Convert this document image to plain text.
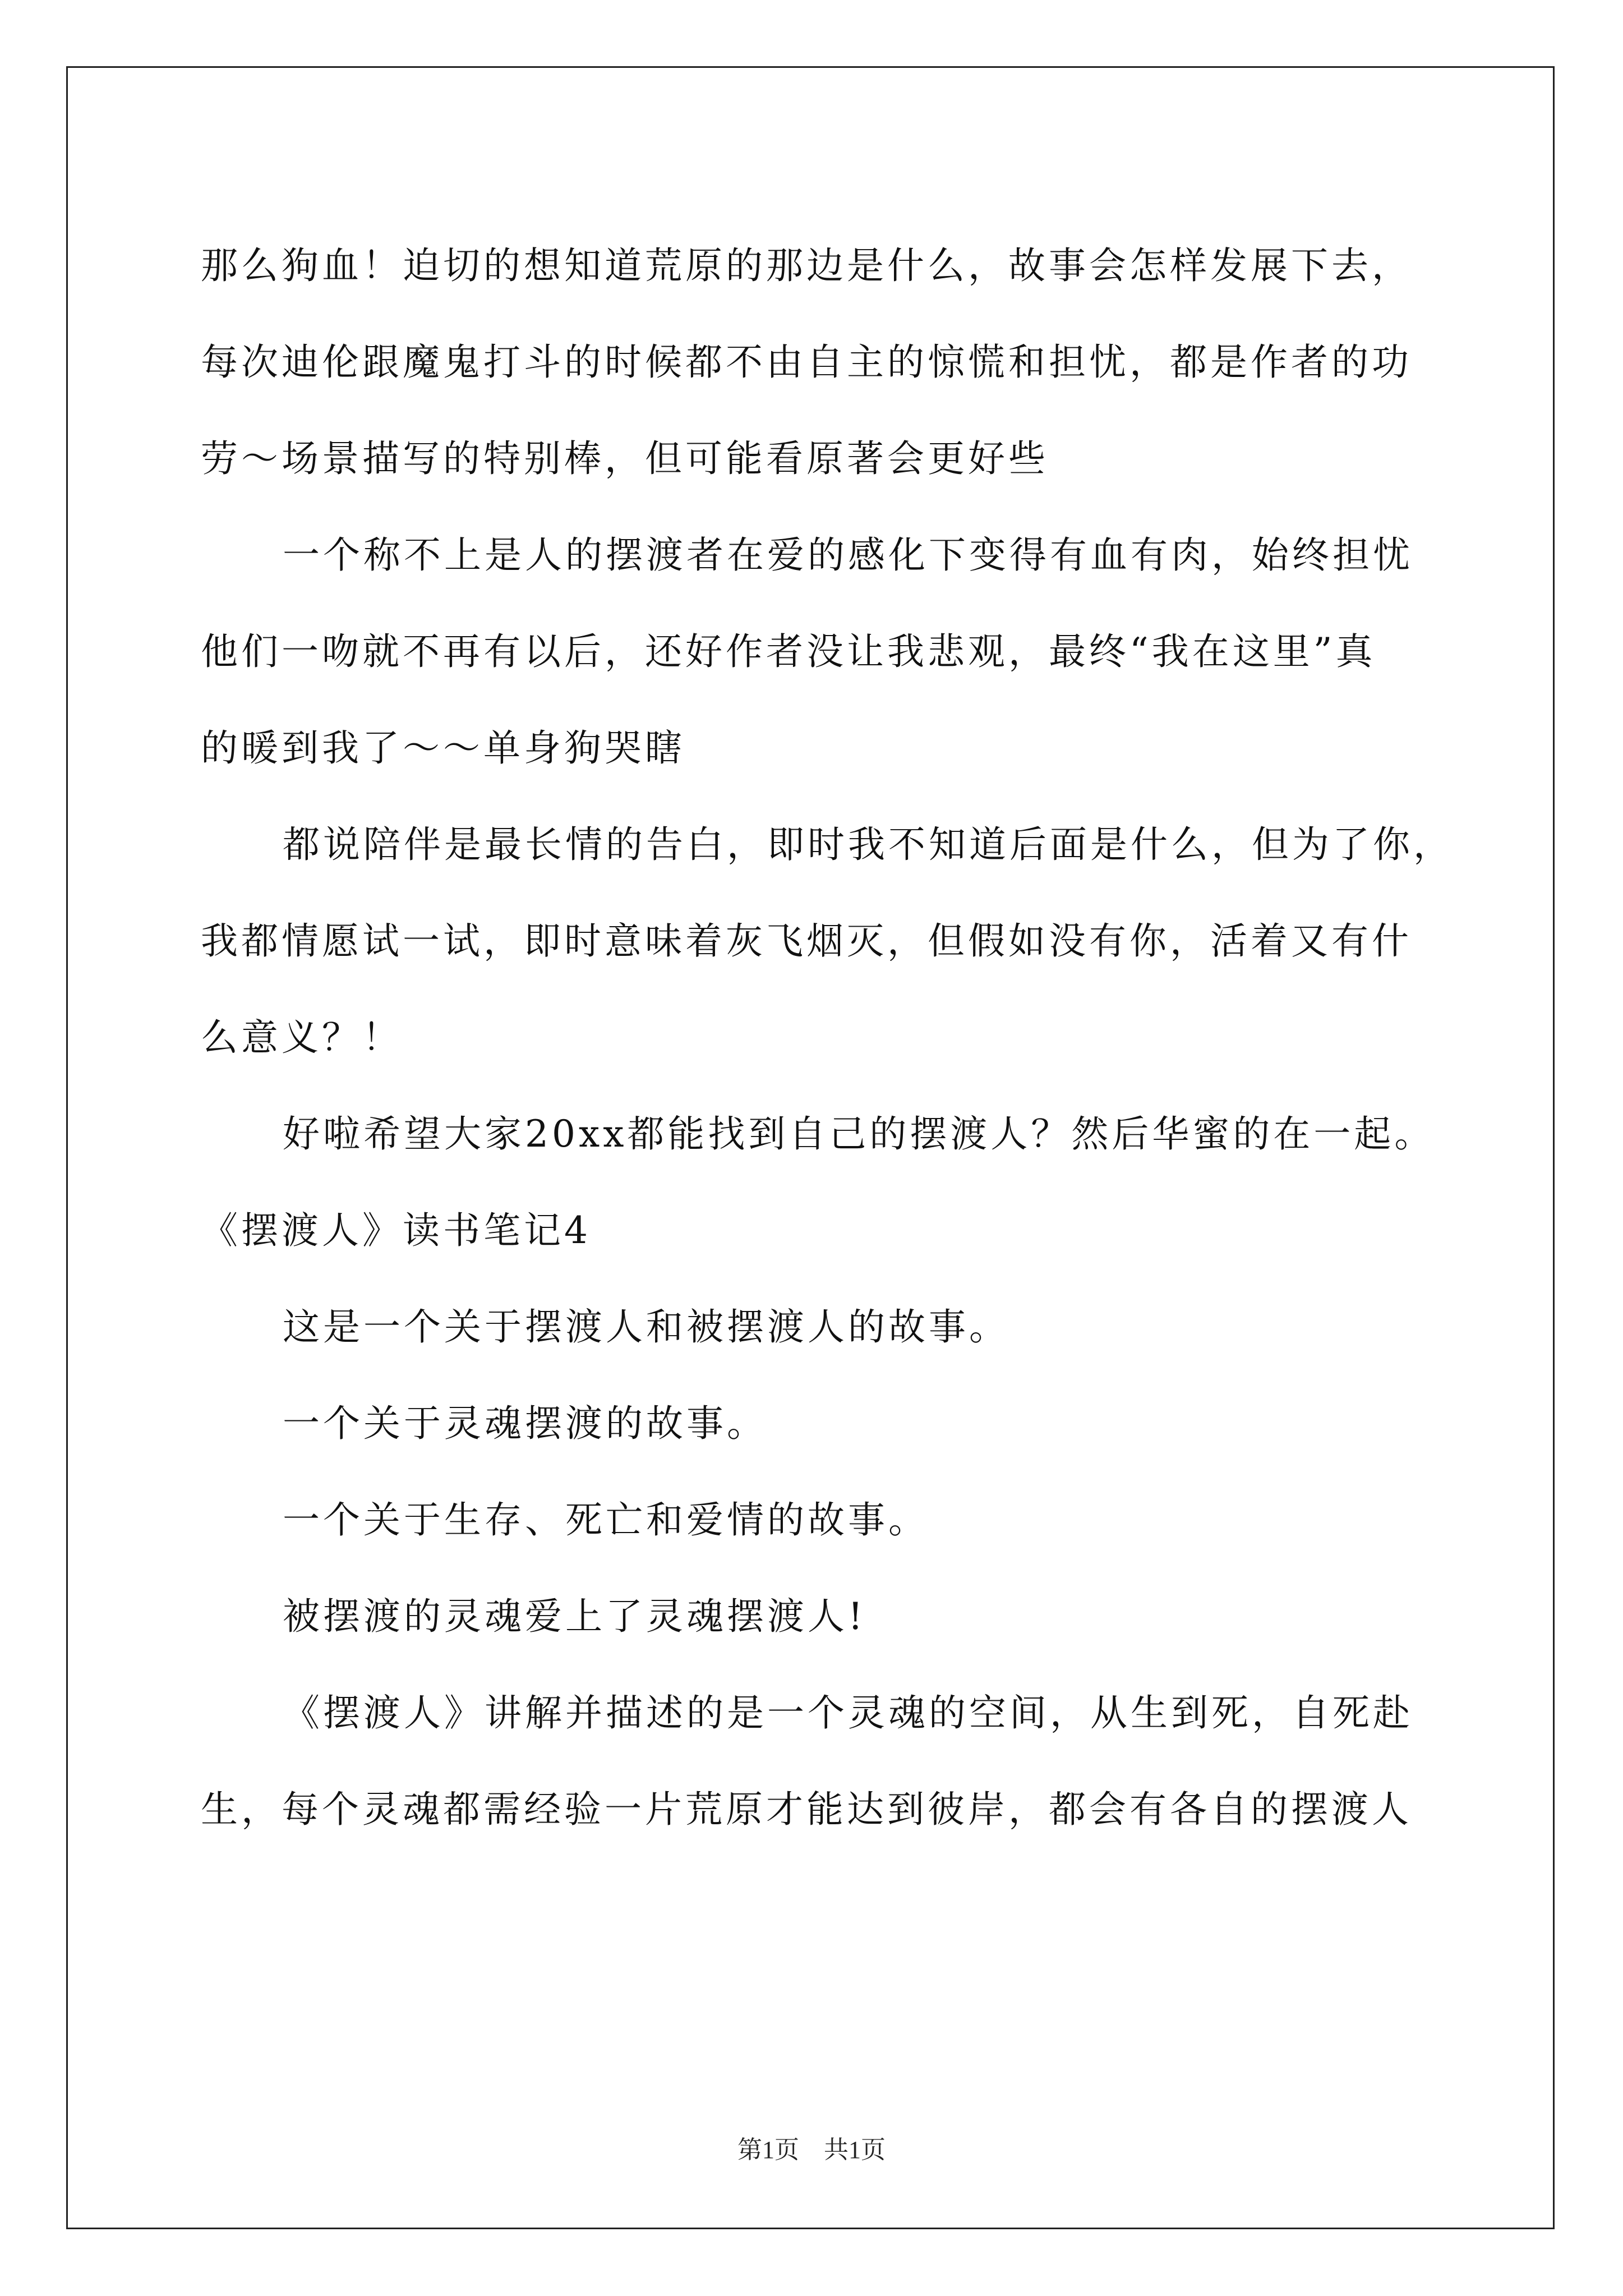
那么狗血！迫切的想知道荒原的那边是什么，故事会怎样发展下去，
每次迪伦跟魔鬼打斗的时候都不由自主的惊慌和担忧，都是作者的功
劳～场景描写的特别棒，但可能看原著会更好些
一个称不上是人的摆渡者在爱的感化下变得有血有肉，始终担忧
他们一吻就不再有以后，还好作者没让我悲观，最终“我在这里”真
的暖到我了～～单身狗哭瞎
都说陪伴是最长情的告白，即时我不知道后面是什么，但为了你，
我都情愿试一试，即时意味着灰飞烟灭，但假如没有你，活着又有什
么意义？！
好啦希望大家20xx都能找到自己的摆渡人？然后华蜜的在一起。
《摆渡人》读书笔记4
这是一个关于摆渡人和被摆渡人的故事。
一个关于灵魂摆渡的故事。
一个关于生存、死亡和爱情的故事。
被摆渡的灵魂爱上了灵魂摆渡人!
《摆渡人》讲解并描述的是一个灵魂的空间，从生到死，自死赴
生，每个灵魂都需经验一片荒原才能达到彼岸，都会有各自的摆渡人
第1页 共1页
